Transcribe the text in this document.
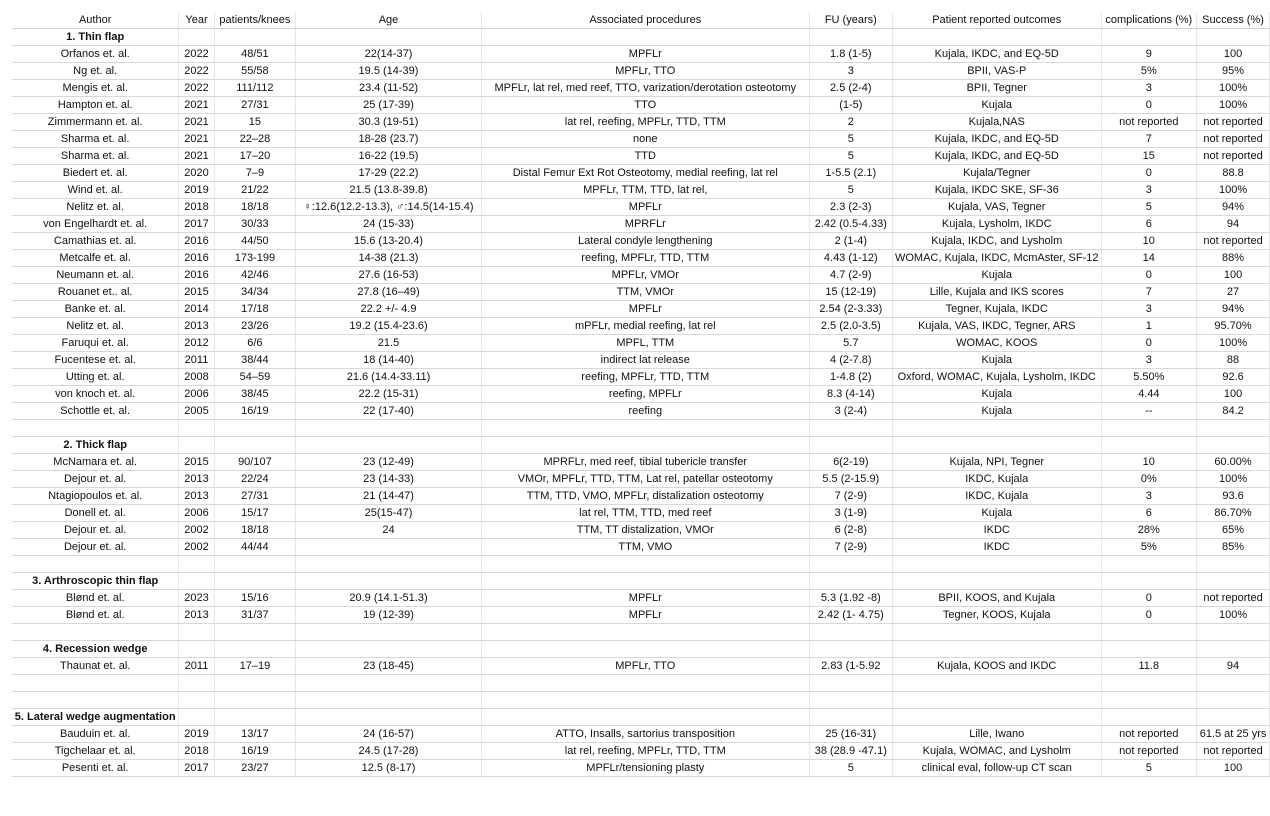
Author	Year	patients/knees	Age	Associated procedures	FU (years)	Patient reported outcomes	complications (%)	Success (%)
1. Thin flap								
Orfanos et. al.	2022	48/51	22(14-37)	MPFLr	1.8 (1-5)	Kujala, IKDC, and EQ-5D	9	100
Ng et. al.	2022	55/58	19.5 (14-39)	MPFLr, TTO	3	BPII, VAS-P	5%	95%
Mengis et. al.	2022	111/112	23.4 (11-52)	MPFLr, lat rel, med reef, TTO, varization/derotation osteotomy	2.5 (2-4)	BPII, Tegner	3	100%
Hampton et. al.	2021	27/31	25 (17-39)	TTO	(1-5)	Kujala	0	100%
Zimmermann et. al.	2021	15	30.3 (19-51)	lat rel, reefing, MPFLr, TTD, TTM	2	Kujala,NAS	not reported	not reported
Sharma et. al.	2021	22–28	18-28 (23.7)	none	5	Kujala, IKDC, and EQ-5D	7	not reported
Sharma et. al.	2021	17–20	16-22 (19.5)	TTD	5	Kujala, IKDC, and EQ-5D	15	not reported
Biedert et. al.	2020	7–9	17-29 (22.2)	Distal Femur Ext Rot Osteotomy, medial reefing, lat rel	1-5.5 (2.1)	Kujala/Tegner	0	88.8
Wind et. al.	2019	21/22	21.5 (13.8-39.8)	MPFLr, TTM, TTD, lat rel,	5	Kujala, IKDC SKE, SF-36	3	100%
Nelitz et. al.	2018	18/18	♀:12.6(12.2-13.3), ♂:14.5(14-15.4)	MPFLr	2.3 (2-3)	Kujala, VAS, Tegner	5	94%
von Engelhardt et. al.	2017	30/33	24 (15-33)	MPRFLr	2.42 (0.5-4.33)	Kujala, Lysholm, IKDC	6	94
Camathias et. al.	2016	44/50	15.6 (13-20.4)	Lateral condyle lengthening	2 (1-4)	Kujala, IKDC, and Lysholm	10	not reported
Metcalfe et. al.	2016	173-199	14-38 (21.3)	reefing, MPFLr, TTD, TTM	4.43 (1-12)	WOMAC, Kujala, IKDC, McmAster, SF-12	14	88%
Neumann et. al.	2016	42/46	27.6 (16-53)	MPFLr, VMOr	4.7 (2-9)	Kujala	0	100
Rouanet et.. al.	2015	34/34	27.8 (16–49)	TTM, VMOr	15 (12-19)	Lille, Kujala and IKS scores	7	27
Banke et. al.	2014	17/18	22.2 +/- 4.9	MPFLr	2.54 (2-3.33)	Tegner, Kujala, IKDC	3	94%
Nelitz et. al.	2013	23/26	19.2 (15.4-23.6)	mPFLr, medial reefing, lat rel	2.5 (2.0-3.5)	Kujala, VAS, IKDC, Tegner, ARS	1	95.70%
Faruqui et. al.	2012	6/6	21.5	MPFL, TTM	5.7	WOMAC, KOOS	0	100%
Fucentese et. al.	2011	38/44	18 (14-40)	indirect lat release	4 (2-7.8)	Kujala	3	88
Utting et. al.	2008	54–59	21.6 (14.4-33.11)	reefing, MPFLr, TTD, TTM	1-4.8 (2)	Oxford, WOMAC, Kujala, Lysholm, IKDC	5.50%	92.6
von knoch et. al.	2006	38/45	22.2 (15-31)	reefing, MPFLr	8.3 (4-14)	Kujala	4.44	100
Schottle et. al.	2005	16/19	22 (17-40)	reefing	3 (2-4)	Kujala	--	84.2

2. Thick flap								
McNamara et. al.	2015	90/107	23 (12-49)	MPRFLr, med reef, tibial tubericle transfer	6(2-19)	Kujala, NPI, Tegner	10	60.00%
Dejour et. al.	2013	22/24	23 (14-33)	VMOr, MPFLr, TTD, TTM, Lat rel, patellar osteotomy	5.5 (2-15.9)	IKDC, Kujala	0%	100%
Ntagiopoulos et. al.	2013	27/31	21 (14-47)	TTM, TTD, VMO, MPFLr, distalization osteotomy	7 (2-9)	IKDC, Kujala	3	93.6
Donell et. al.	2006	15/17	25(15-47)	lat rel, TTM, TTD, med reef	3 (1-9)	Kujala	6	86.70%
Dejour et. al.	2002	18/18	24	TTM, TT distalization, VMOr	6 (2-8)	IKDC	28%	65%
Dejour et. al.	2002	44/44		TTM, VMO	7 (2-9)	IKDC	5%	85%

3. Arthroscopic thin flap								
Blønd et. al.	2023	15/16	20.9 (14.1-51.3)	MPFLr	5.3 (1.92 -8)	BPII, KOOS, and Kujala	0	not reported
Blønd et. al.	2013	31/37	19 (12-39)	MPFLr	2.42 (1- 4.75)	Tegner, KOOS, Kujala	0	100%

4. Recession wedge								
Thaunat et. al.	2011	17–19	23 (18-45)	MPFLr, TTO	2.83 (1-5.92	Kujala, KOOS and IKDC	11.8	94

5. Lateral wedge augmentation								
Bauduin et. al.	2019	13/17	24 (16-57)	ATTO, Insalls, sartorius transposition	25 (16-31)	Lille, Iwano	not reported	61.5 at 25 yrs
Tigchelaar et. al.	2018	16/19	24.5 (17-28)	lat rel, reefing, MPFLr, TTD, TTM	38 (28.9 -47.1)	Kujala, WOMAC, and Lysholm	not reported	not reported
Pesenti et. al.	2017	23/27	12.5 (8-17)	MPFLr/tensioning plasty	5	clinical eval, follow-up CT scan	5	100
